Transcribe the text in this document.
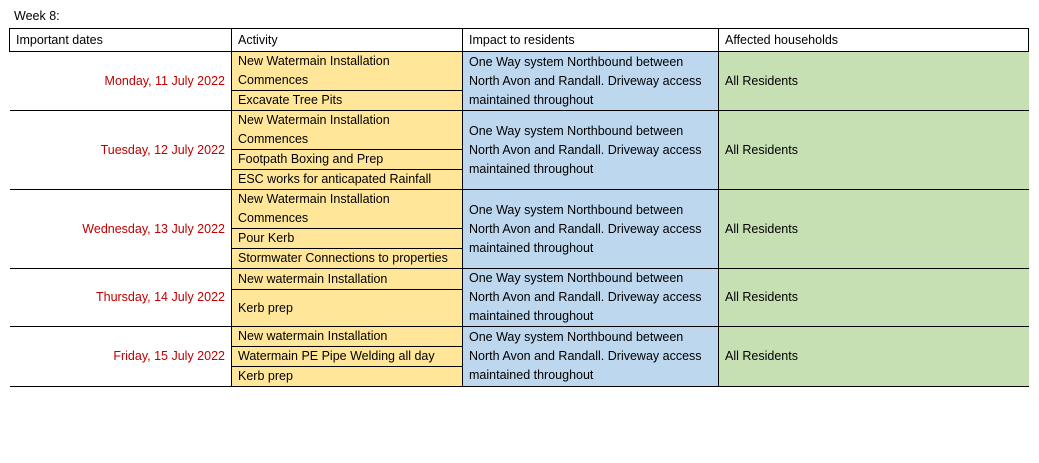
Week 8:
Important dates	Activity	Impact to residents	Affected households
Monday, 11 July 2022	New Watermain Installation Commences	One Way system Northbound between North Avon and Randall. Driveway access maintained throughout	All Residents
	Excavate Tree Pits		
Tuesday, 12 July 2022	New Watermain Installation Commences	One Way system Northbound between North Avon and Randall. Driveway access maintained throughout	All Residents
	Footpath Boxing and Prep		
	ESC works for anticapated Rainfall		
Wednesday, 13 July 2022	New Watermain Installation Commences	One Way system Northbound between North Avon and Randall. Driveway access maintained throughout	All Residents
	Pour Kerb		
	Stormwater Connections to properties		
Thursday, 14 July 2022	New watermain Installation	One Way system Northbound between North Avon and Randall. Driveway access maintained throughout	All Residents
	Kerb prep		
Friday, 15 July 2022	New watermain Installation	One Way system Northbound between North Avon and Randall. Driveway access maintained throughout	All Residents
	Watermain PE Pipe Welding all day		
	Kerb prep		
